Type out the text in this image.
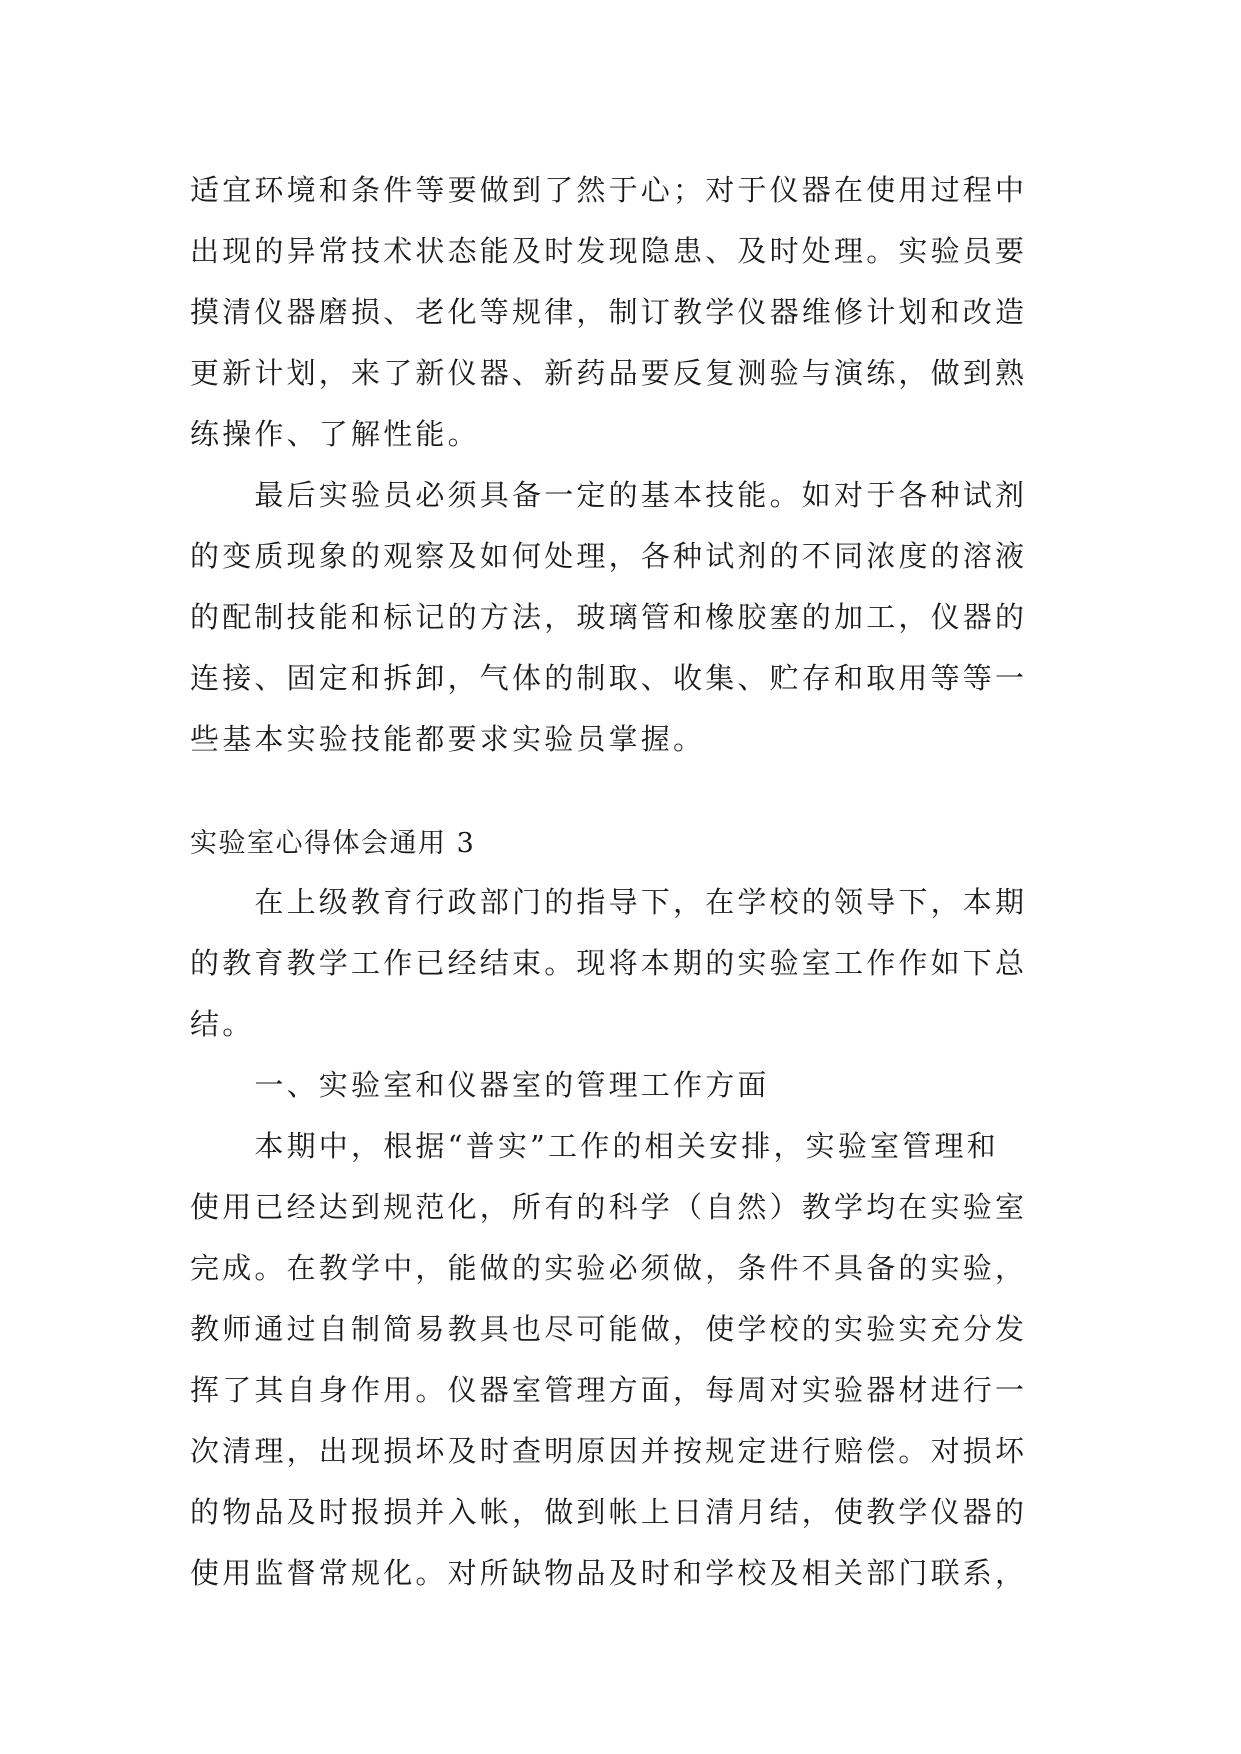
适宜环境和条件等要做到了然于心；对于仪器在使用过程中
出现的异常技术状态能及时发现隐患、及时处理。实验员要
摸清仪器磨损、老化等规律，制订教学仪器维修计划和改造
更新计划，来了新仪器、新药品要反复测验与演练，做到熟
练操作、了解性能。
　　最后实验员必须具备一定的基本技能。如对于各种试剂
的变质现象的观察及如何处理，各种试剂的不同浓度的溶液
的配制技能和标记的方法，玻璃管和橡胶塞的加工，仪器的
连接、固定和拆卸，气体的制取、收集、贮存和取用等等一
些基本实验技能都要求实验员掌握。
实验室心得体会通用 3
　　在上级教育行政部门的指导下，在学校的领导下，本期
的教育教学工作已经结束。现将本期的实验室工作作如下总
结。
　　一、实验室和仪器室的管理工作方面
　　本期中，根据“普实”工作的相关安排，实验室管理和
使用已经达到规范化，所有的科学（自然）教学均在实验室
完成。在教学中，能做的实验必须做，条件不具备的实验，
教师通过自制简易教具也尽可能做，使学校的实验实充分发
挥了其自身作用。仪器室管理方面，每周对实验器材进行一
次清理，出现损坏及时查明原因并按规定进行赔偿。对损坏
的物品及时报损并入帐，做到帐上日清月结，使教学仪器的
使用监督常规化。对所缺物品及时和学校及相关部门联系，
